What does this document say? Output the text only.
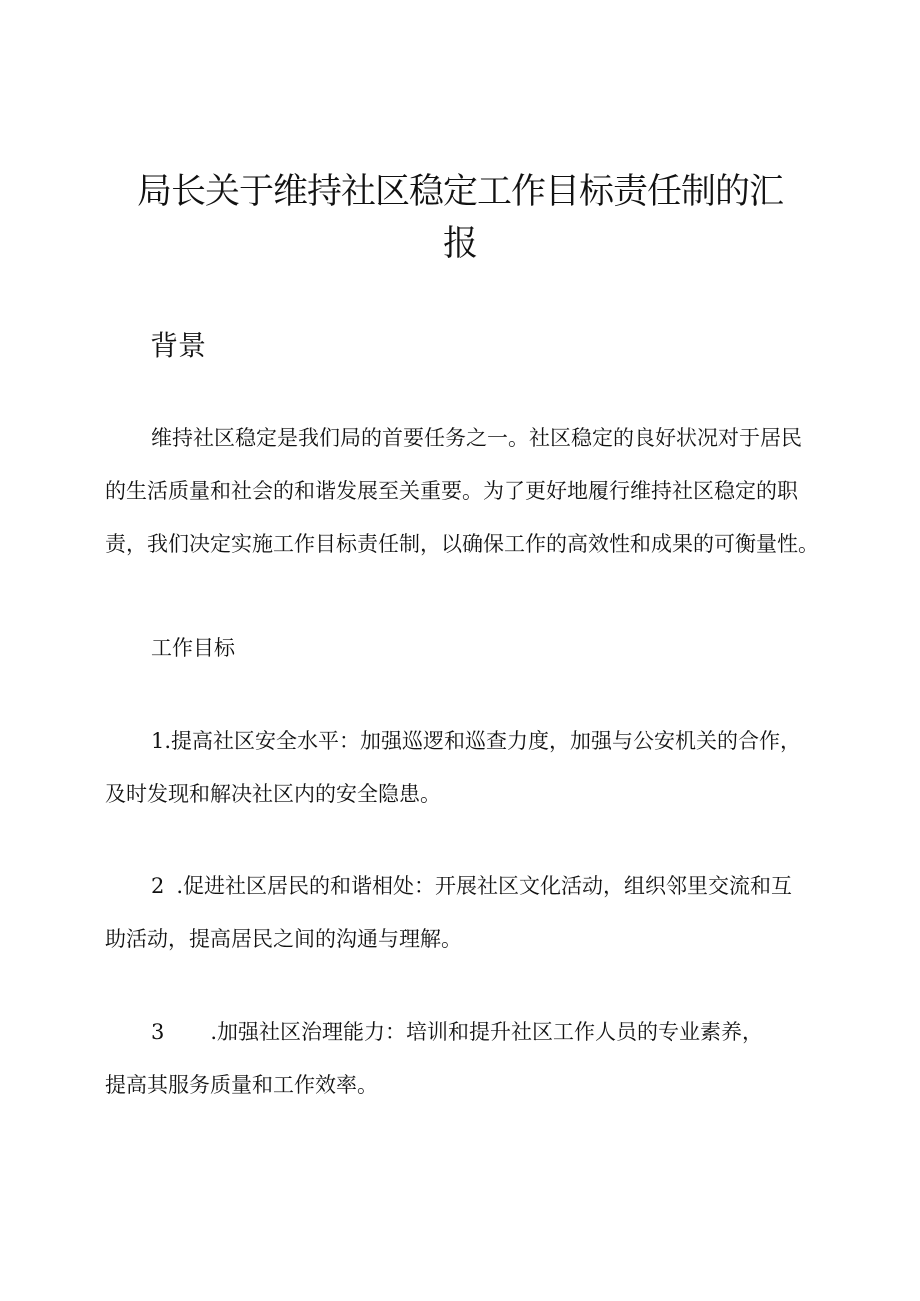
局长关于维持社区稳定工作目标责任制的汇
报
背景

维持社区稳定是我们局的首要任务之一。社区稳定的良好状况对于居民
的生活质量和社会的和谐发展至关重要。为了更好地履行维持社区稳定的职
责，我们决定实施工作目标责任制，以确保工作的高效性和成果的可衡量性。

工作目标

1.提高社区安全水平：加强巡逻和巡查力度，加强与公安机关的合作，
及时发现和解决社区内的安全隐患。

2 .促进社区居民的和谐相处：开展社区文化活动，组织邻里交流和互
助活动，提高居民之间的沟通与理解。

3 .加强社区治理能力：培训和提升社区工作人员的专业素养，
提高其服务质量和工作效率。
